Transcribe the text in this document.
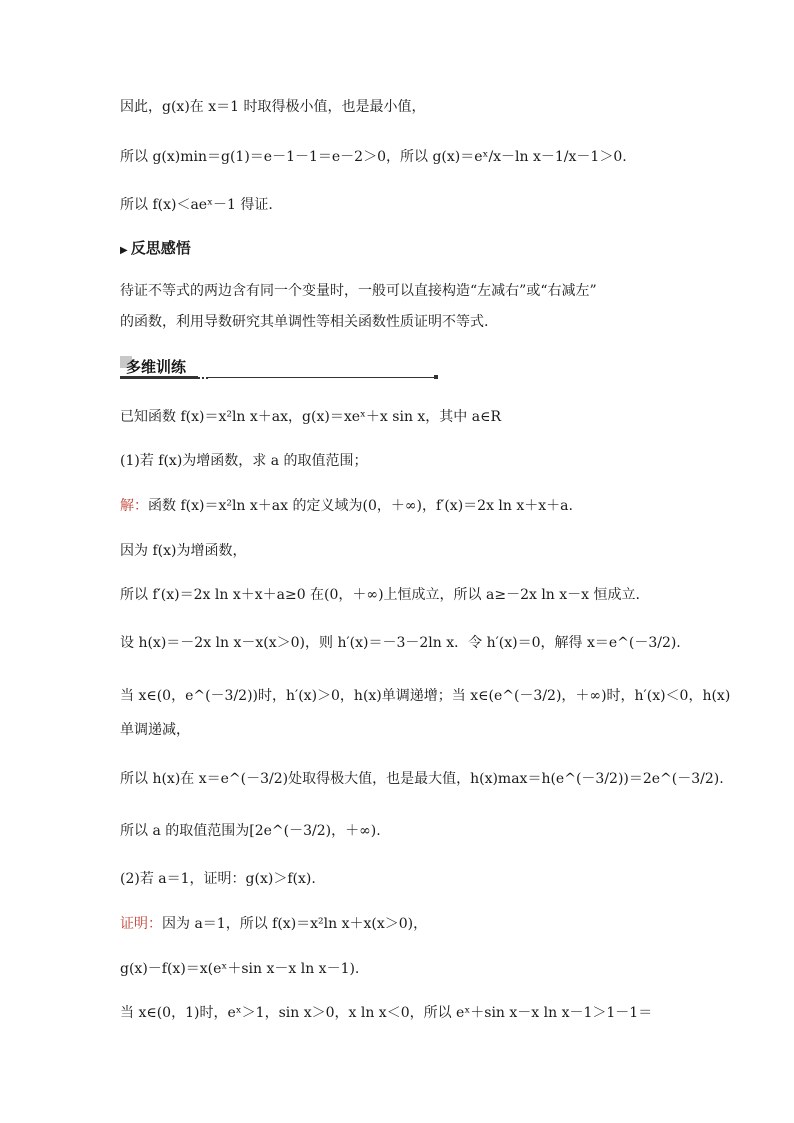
因此，g(x)在 x＝1 时取得极小值，也是最小值，
所以 g(x)min＝g(1)＝e－1－1＝e－2＞0，所以 g(x)＝eˣ/x－ln x－1/x－1＞0.
所以 f(x)＜aeˣ－1 得证.
▶ 反思感悟
待证不等式的两边含有同一个变量时，一般可以直接构造“左减右”或“右减左”
的函数，利用导数研究其单调性等相关函数性质证明不等式.
多维训练
已知函数 f(x)＝x²ln x＋ax，g(x)＝xeˣ＋x sin x，其中 a∈R
(1)若 f(x)为增函数，求 a 的取值范围；
解：函数 f(x)＝x²ln x＋ax 的定义域为(0，＋∞)，f′(x)＝2x ln x＋x＋a.
因为 f(x)为增函数，
所以 f′(x)＝2x ln x＋x＋a≥0 在(0，＋∞)上恒成立，所以 a≥－2x ln x－x 恒成立.
设 h(x)＝－2x ln x－x(x＞0)，则 h′(x)＝－3－2ln x．令 h′(x)＝0，解得 x＝e^(－3/2).
当 x∈(0，e^(－3/2))时，h′(x)＞0，h(x)单调递增；当 x∈(e^(－3/2)，＋∞)时，h′(x)＜0，h(x)
单调递减，
所以 h(x)在 x＝e^(－3/2)处取得极大值，也是最大值，h(x)max＝h(e^(－3/2))＝2e^(－3/2).
所以 a 的取值范围为[2e^(－3/2)，＋∞).
(2)若 a＝1，证明：g(x)＞f(x).
证明：因为 a＝1，所以 f(x)＝x²ln x＋x(x＞0)，
g(x)－f(x)＝x(eˣ＋sin x－x ln x－1).
当 x∈(0，1)时，eˣ＞1，sin x＞0，x ln x＜0，所以 eˣ＋sin x－x ln x－1＞1－1＝
